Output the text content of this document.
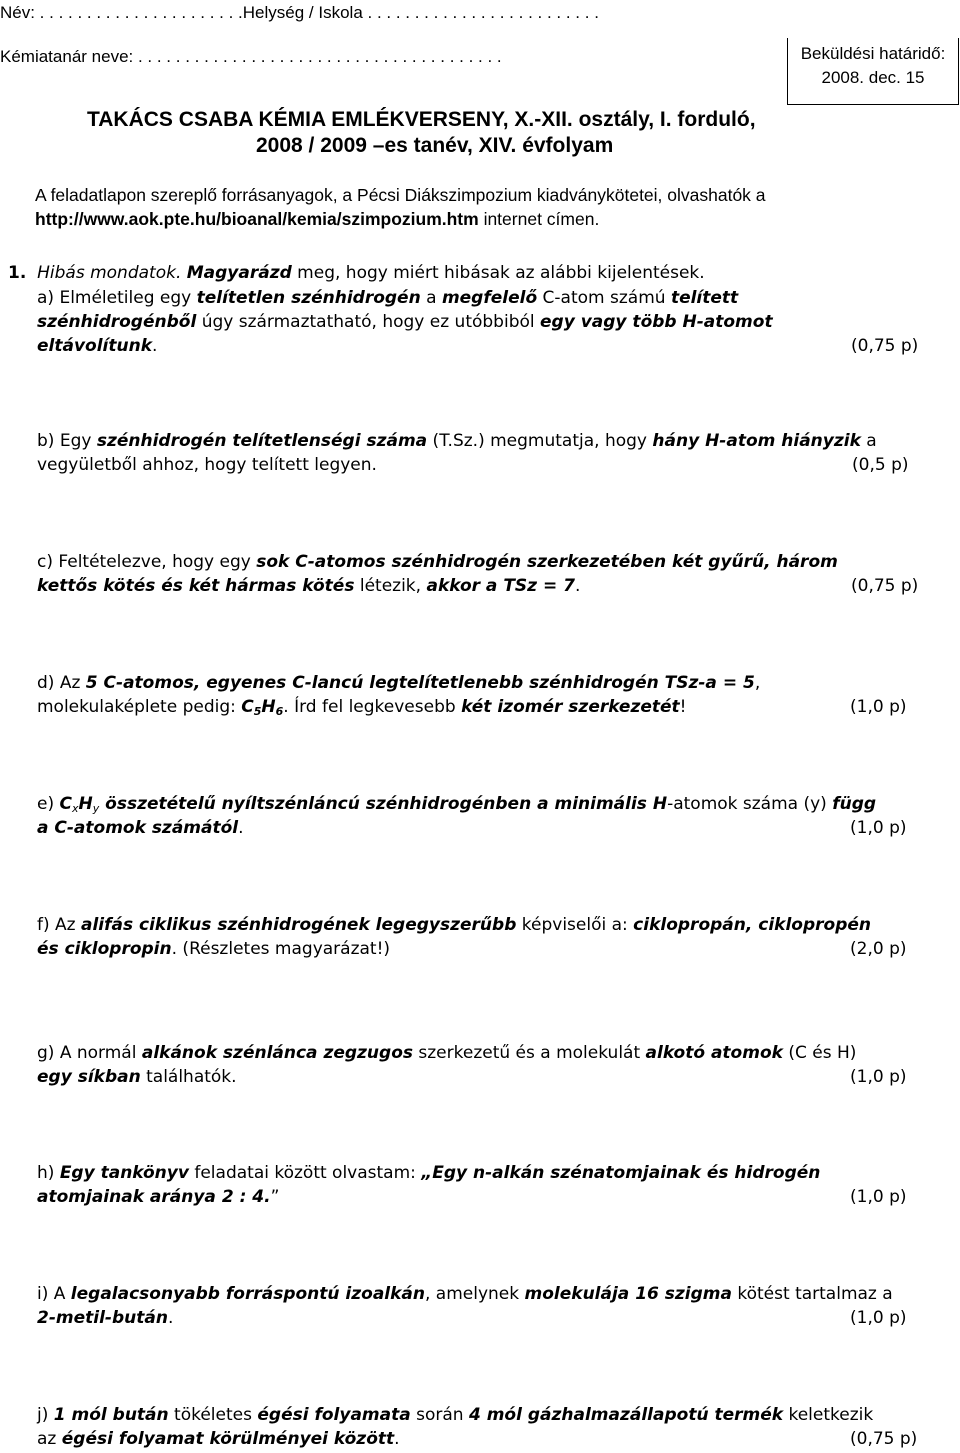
Név: . . . . . . . . . . . . . . . . . . . . . .Helység / Iskola . . . . . . . . . . . . . . . . . . . . . . . . .
Kémiatanár neve: . . . . . . . . . . . . . . . . . . . . . . . . . . . . . . . . . . . . . . .	Beküldési határidő:
2008. dec. 15
TAKÁCS CSABA KÉMIA EMLÉKVERSENY, X.-XII. osztály, I. forduló,
2008 / 2009 –es tanév, XIV. évfolyam
A feladatlapon szereplő forrásanyagok, a Pécsi Diákszimpozium kiadványkötetei, olvashatók a
http://www.aok.pte.hu/bioanal/kemia/szimpozium.htm internet címen.
1. Hibás mondatok. Magyarázd meg, hogy miért hibásak az alábbi kijelentések.
a) Elméletileg egy telítetlen szénhidrogén a megfelelő C-atom számú telített
szénhidrogénből úgy származtatható, hogy ez utóbbiból egy vagy több H-atomot
eltávolítunk.	(0,75 p)
b) Egy szénhidrogén telítetlenségi száma (T.Sz.) megmutatja, hogy hány H-atom hiányzik a
vegyületből ahhoz, hogy telített legyen.	(0,5 p)
c) Feltételezve, hogy egy sok C-atomos szénhidrogén szerkezetében két gyűrű, három
kettős kötés és két hármas kötés létezik, akkor a TSz = 7.	(0,75 p)
d) Az 5 C-atomos, egyenes C-lancú legtelítetlenebb szénhidrogén TSz-a = 5,
molekulaképlete pedig: $C_5H_6$. Írd fel legkevesebb két izomér szerkezetét!	(1,0 p)
e) $C_xH_y$ összetételű nyíltszénláncú szénhidrogénben a minimális H-atomok száma (y) függ
a C-atomok számától.	(1,0 p)
f) Az alifás ciklikus szénhidrogének legegyszerűbb képviselői a: ciklopropán, ciklopropén
és ciklopropin. (Részletes magyarázat!)	(2,0 p)
g) A normál alkánok szénlánca zegzugos szerkezetű és a molekulát alkotó atomok (C és H)
egy síkban találhatók.	(1,0 p)
h) Egy tankönyv feladatai között olvastam: „Egy n-alkán szénatomjainak és hidrogén
atomjainak aránya 2 : 4.”	(1,0 p)
i) A legalacsonyabb forráspontú izoalkán, amelynek molekulája 16 szigma kötést tartalmaz a
2-metil-bután.	(1,0 p)
j) 1 mól bután tökéletes égési folyamata során 4 mól gázhalmazállapotú termék keletkezik
az égési folyamat körülményei között.	(0,75 p)
